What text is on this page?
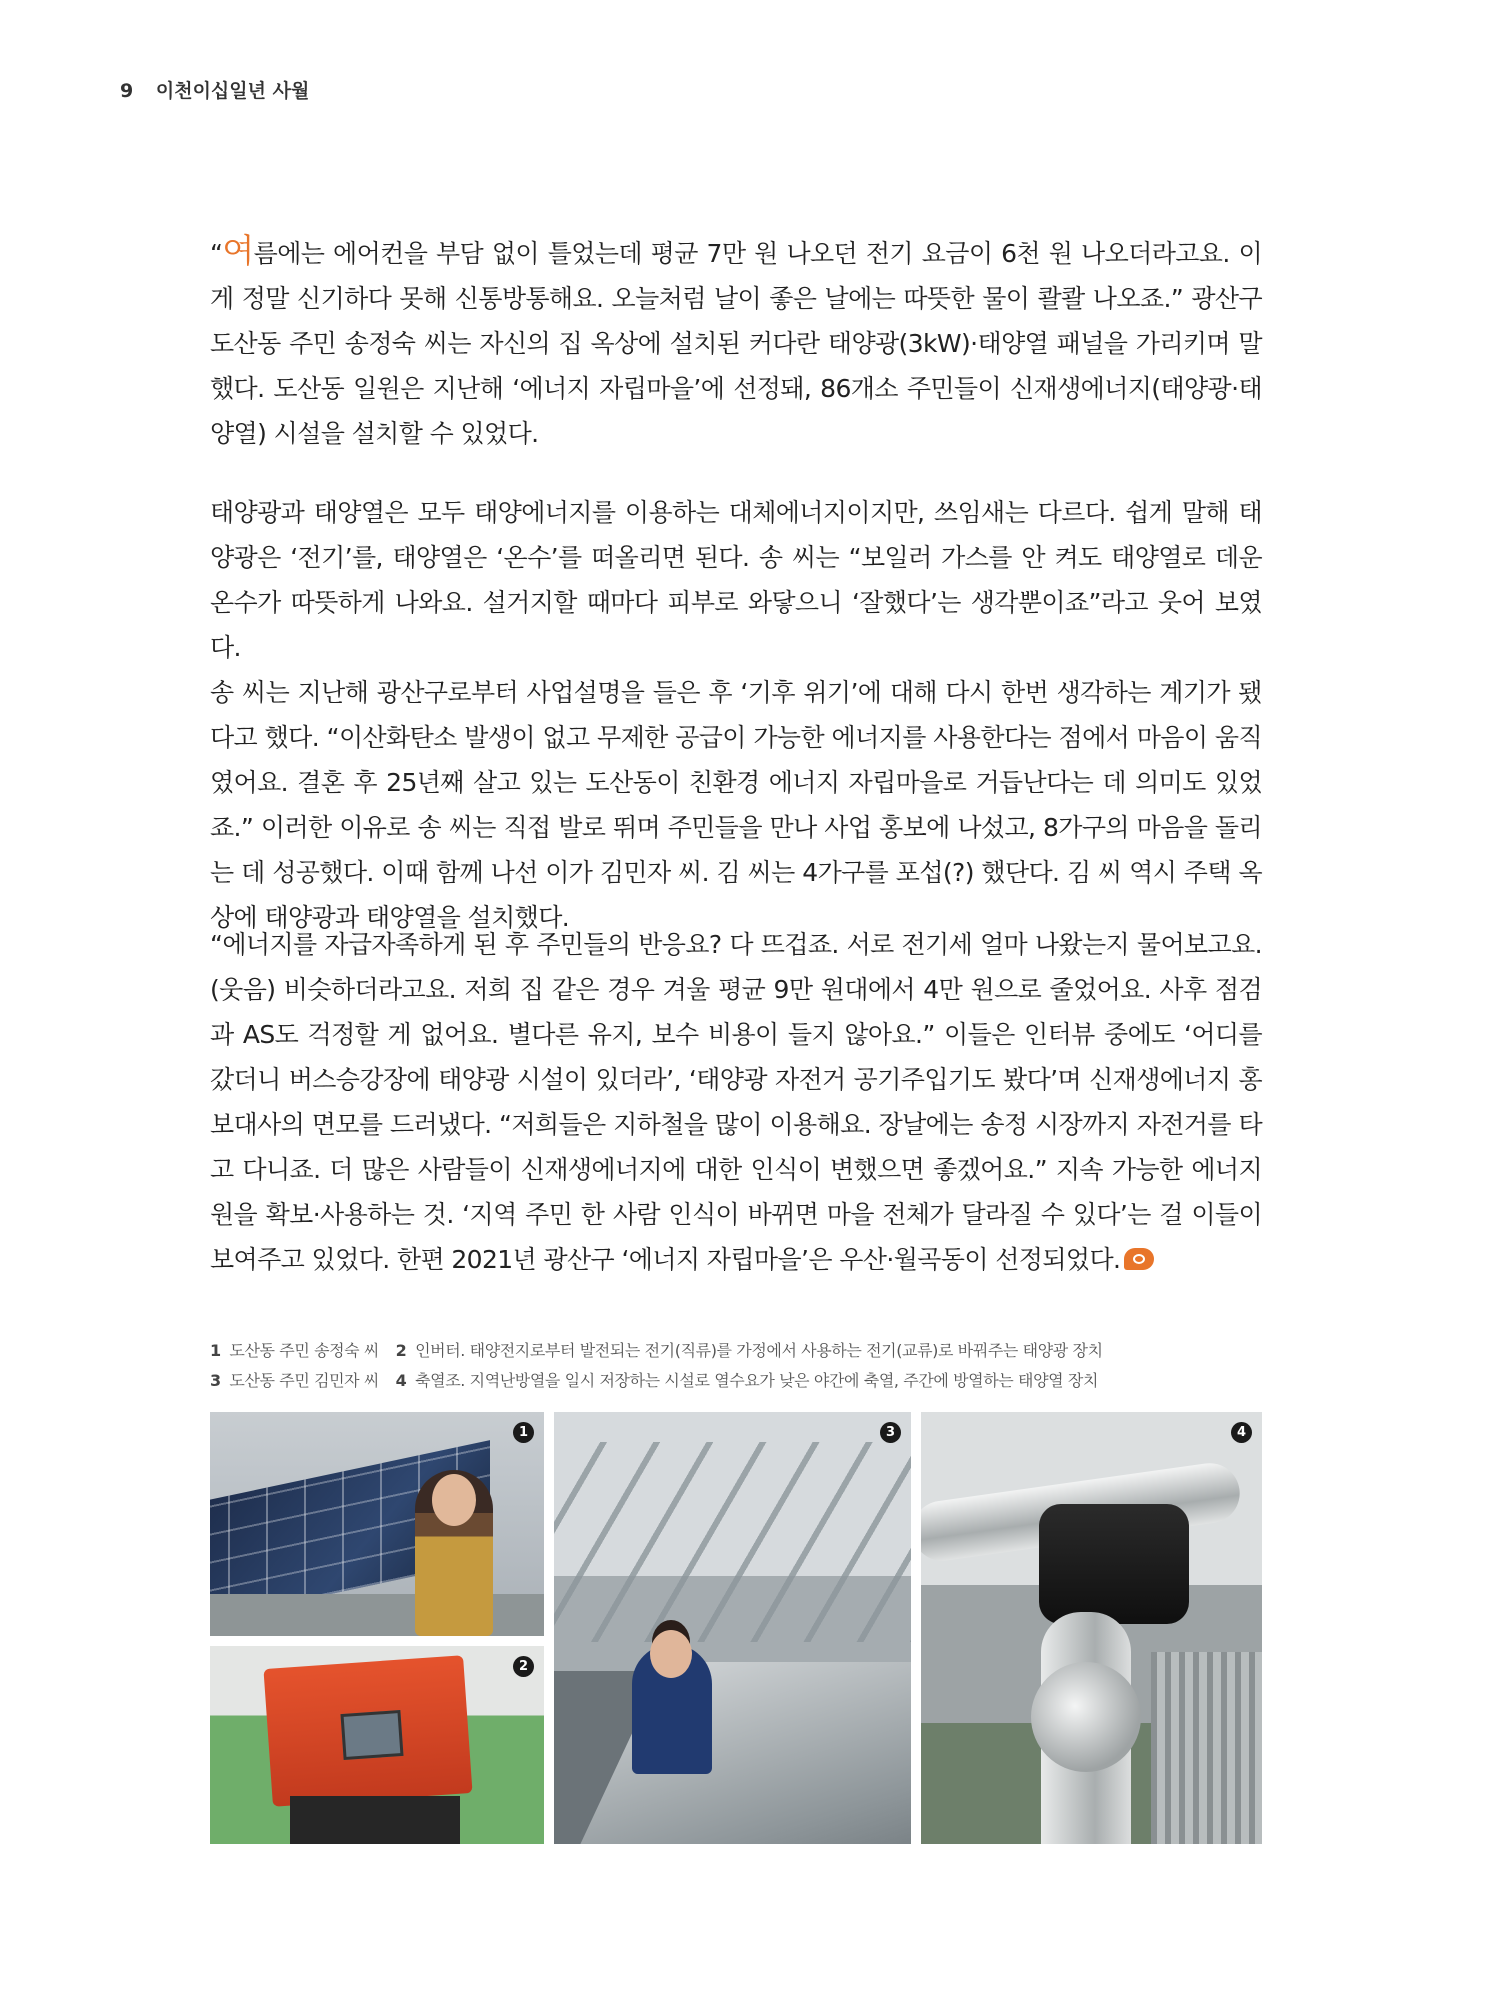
9 이천이십일년 사월

“여름에는 에어컨을 부담 없이 틀었는데 평균 7만 원 나오던 전기 요금이 6천 원 나오더라고요. 이게 정말 신기하다 못해 신통방통해요. 오늘처럼 날이 좋은 날에는 따뜻한 물이 콸콸 나오죠.” 광산구 도산동 주민 송정숙 씨는 자신의 집 옥상에 설치된 커다란 태양광(3kW)·태양열 패널을 가리키며 말했다. 도산동 일원은 지난해 ‘에너지 자립마을’에 선정돼, 86개소 주민들이 신재생에너지(태양광·태양열) 시설을 설치할 수 있었다.

태양광과 태양열은 모두 태양에너지를 이용하는 대체에너지이지만, 쓰임새는 다르다. 쉽게 말해 태양광은 ‘전기’를, 태양열은 ‘온수’를 떠올리면 된다. 송 씨는 “보일러 가스를 안 켜도 태양열로 데운 온수가 따뜻하게 나와요. 설거지할 때마다 피부로 와닿으니 ‘잘했다’는 생각뿐이죠”라고 웃어 보였다.

송 씨는 지난해 광산구로부터 사업설명을 들은 후 ‘기후 위기’에 대해 다시 한번 생각하는 계기가 됐다고 했다. “이산화탄소 발생이 없고 무제한 공급이 가능한 에너지를 사용한다는 점에서 마음이 움직였어요. 결혼 후 25년째 살고 있는 도산동이 친환경 에너지 자립마을로 거듭난다는 데 의미도 있었죠.” 이러한 이유로 송 씨는 직접 발로 뛰며 주민들을 만나 사업 홍보에 나섰고, 8가구의 마음을 돌리는 데 성공했다. 이때 함께 나선 이가 김민자 씨. 김 씨는 4가구를 포섭(?) 했단다. 김 씨 역시 주택 옥상에 태양광과 태양열을 설치했다.

“에너지를 자급자족하게 된 후 주민들의 반응요? 다 뜨겁죠. 서로 전기세 얼마 나왔는지 물어보고요.(웃음) 비슷하더라고요. 저희 집 같은 경우 겨울 평균 9만 원대에서 4만 원으로 줄었어요. 사후 점검과 AS도 걱정할 게 없어요. 별다른 유지, 보수 비용이 들지 않아요.” 이들은 인터뷰 중에도 ‘어디를 갔더니 버스승강장에 태양광 시설이 있더라’, ‘태양광 자전거 공기주입기도 봤다’며 신재생에너지 홍보대사의 면모를 드러냈다. “저희들은 지하철을 많이 이용해요. 장날에는 송정 시장까지 자전거를 타고 다니죠. 더 많은 사람들이 신재생에너지에 대한 인식이 변했으면 좋겠어요.” 지속 가능한 에너지원을 확보·사용하는 것. ‘지역 주민 한 사람 인식이 바뀌면 마을 전체가 달라질 수 있다’는 걸 이들이 보여주고 있었다. 한편 2021년 광산구 ‘에너지 자립마을’은 우산·월곡동이 선정되었다.

1 도산동 주민 송정숙 씨 2 인버터. 태양전지로부터 발전되는 전기(직류)를 가정에서 사용하는 전기(교류)로 바꿔주는 태양광 장치
3 도산동 주민 김민자 씨 4 축열조. 지역난방열을 일시 저장하는 시설로 열수요가 낮은 야간에 축열, 주간에 방열하는 태양열 장치
1
2
3	4
